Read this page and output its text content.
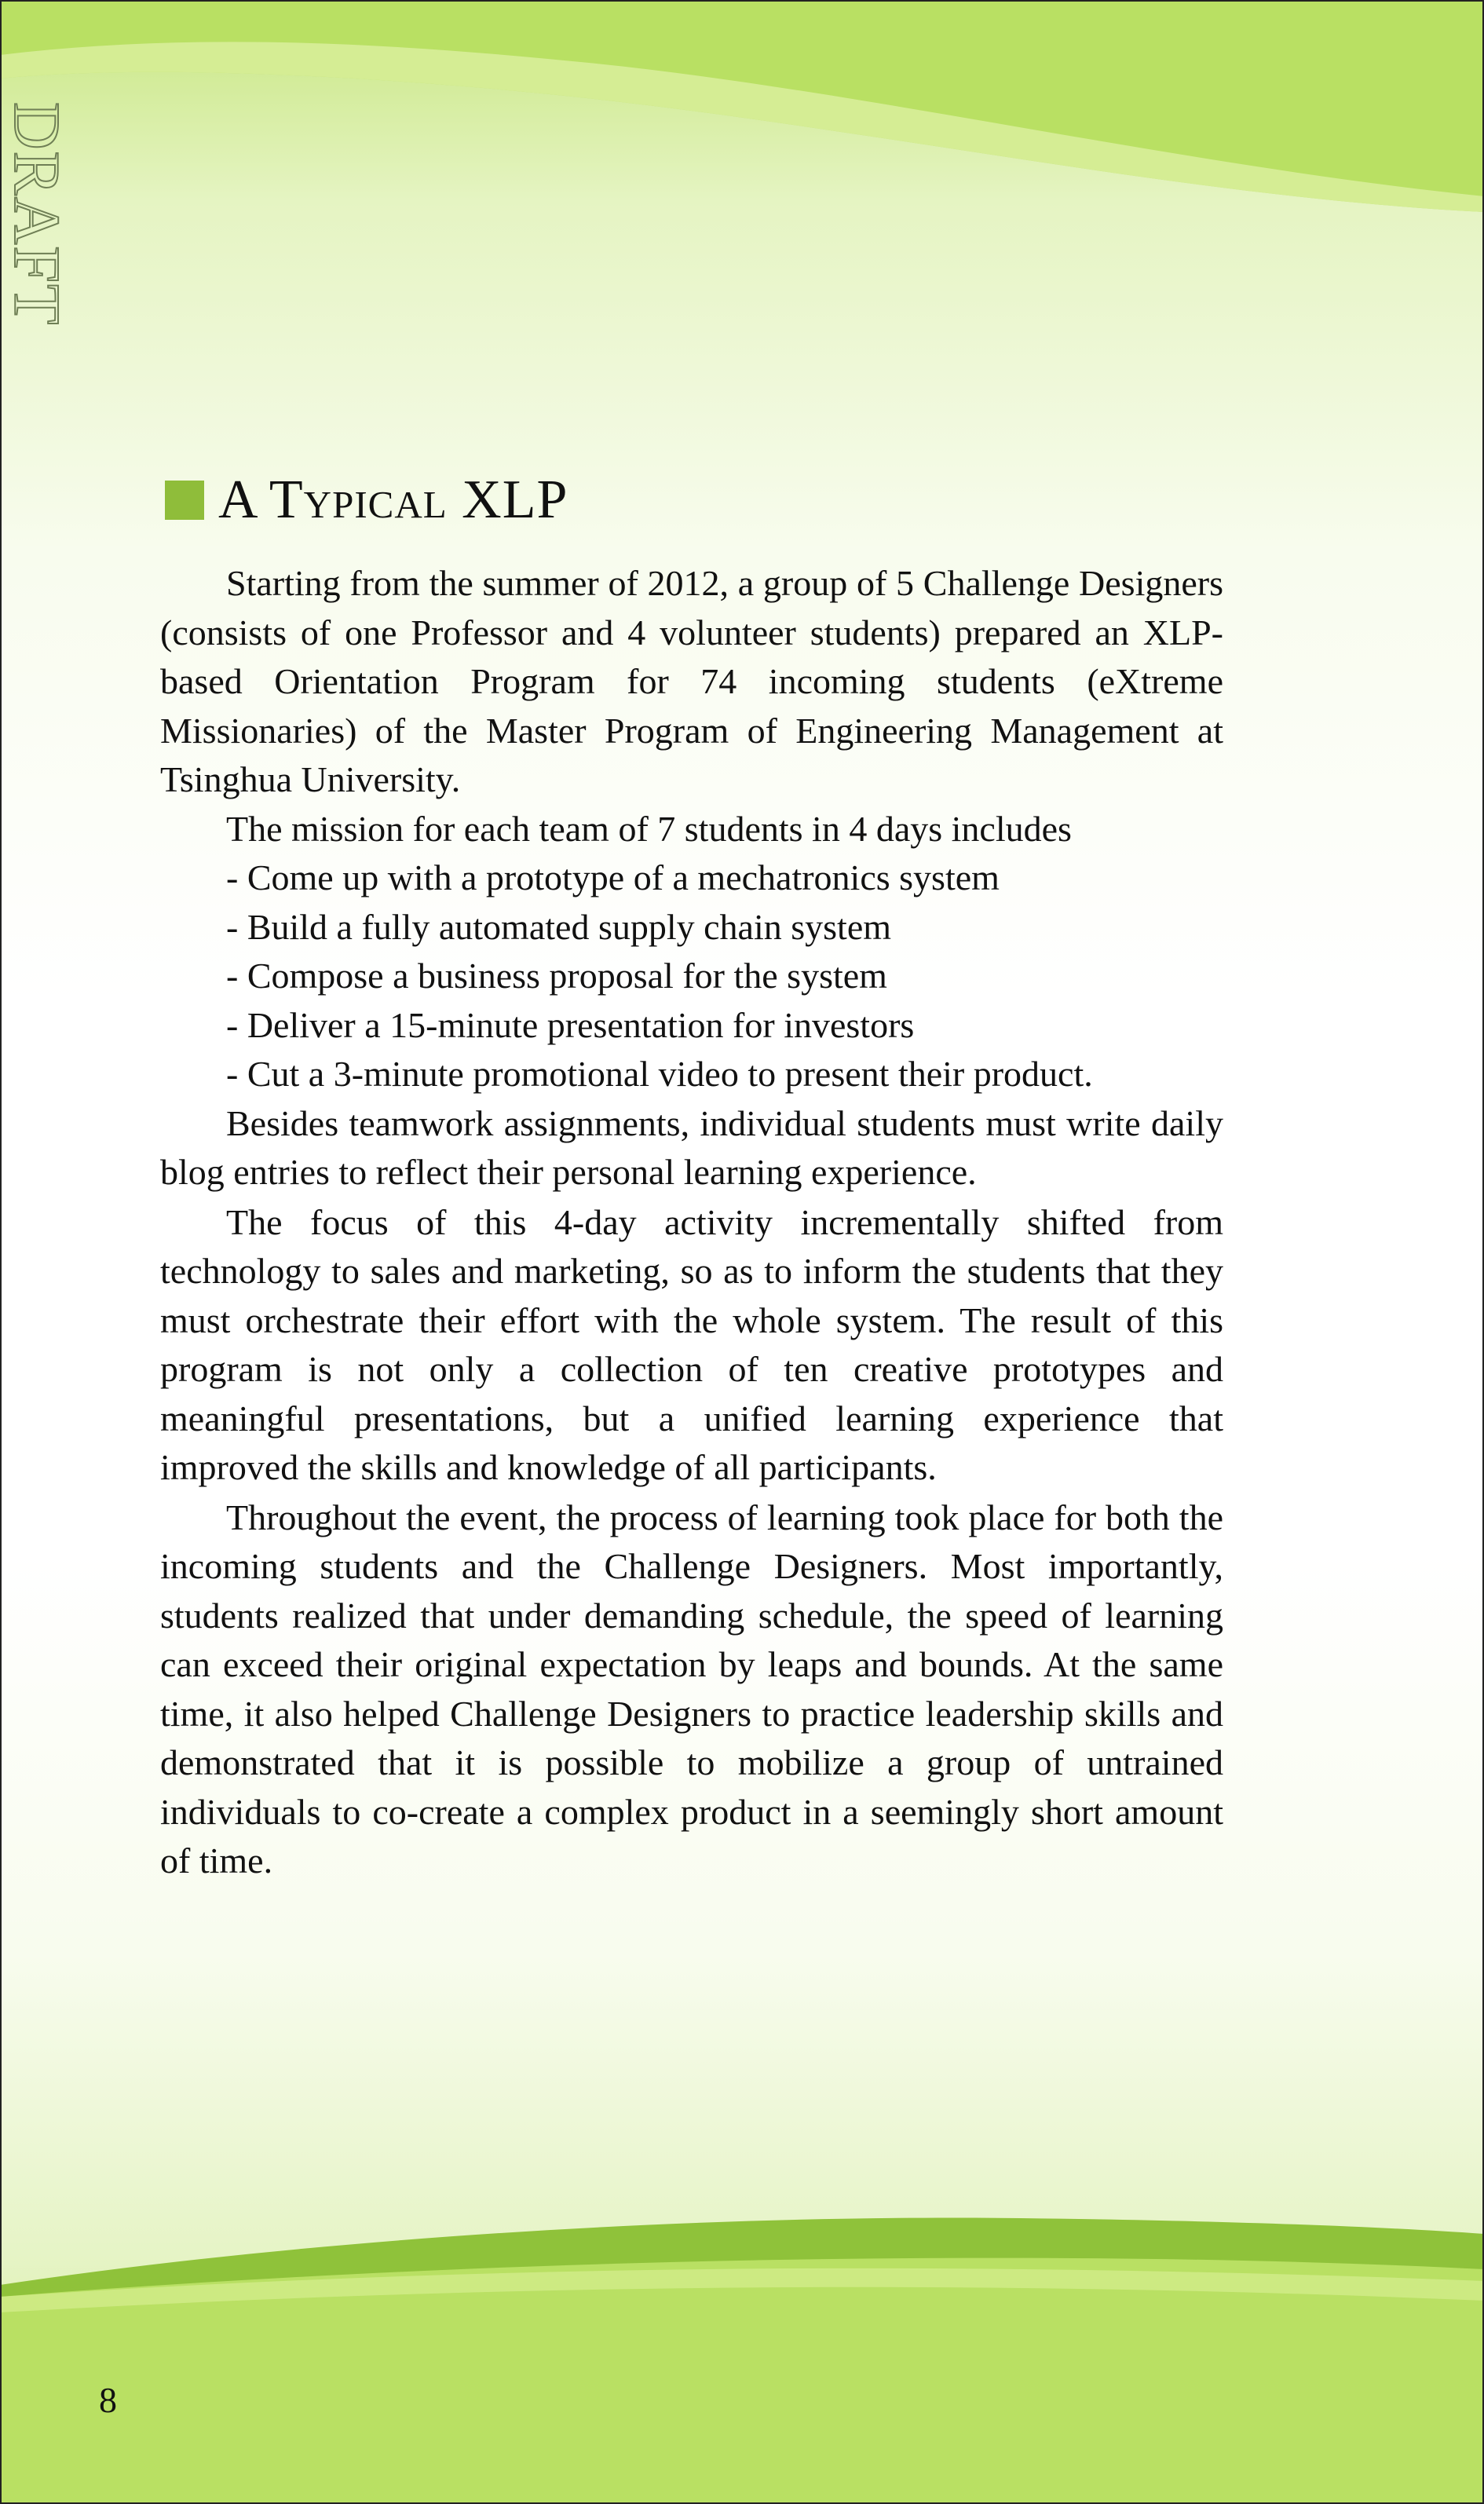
DRAFT
A Typical XLP

Starting from the summer of 2012, a group of 5 Challenge Designers (consists of one Professor and 4 volunteer students) prepared an XLP-based Orientation Program for 74 incoming students (eXtreme Missionaries) of the Master Program of Engineering Management at Tsinghua University.

The mission for each team of 7 students in 4 days includes

- Come up with a prototype of a mechatronics system
- Build a fully automated supply chain system
- Compose a business proposal for the system
- Deliver a 15-minute presentation for investors
- Cut a 3-minute promotional video to present their product.

Besides teamwork assignments, individual students must write daily blog entries to reflect their personal learning experience.

The focus of this 4-day activity incrementally shifted from technology to sales and marketing, so as to inform the students that they must orchestrate their effort with the whole system. The result of this program is not only a collection of ten creative prototypes and meaningful presentations, but a unified learning experience that improved the skills and knowledge of all participants.

Throughout the event, the process of learning took place for both the incoming students and the Challenge Designers. Most importantly, students realized that under demanding schedule, the speed of learning can exceed their original expectation by leaps and bounds. At the same time, it also helped Challenge Designers to practice leadership skills and demonstrated that it is possible to mobilize a group of untrained individuals to co-create a complex product in a seemingly short amount of time.

8
